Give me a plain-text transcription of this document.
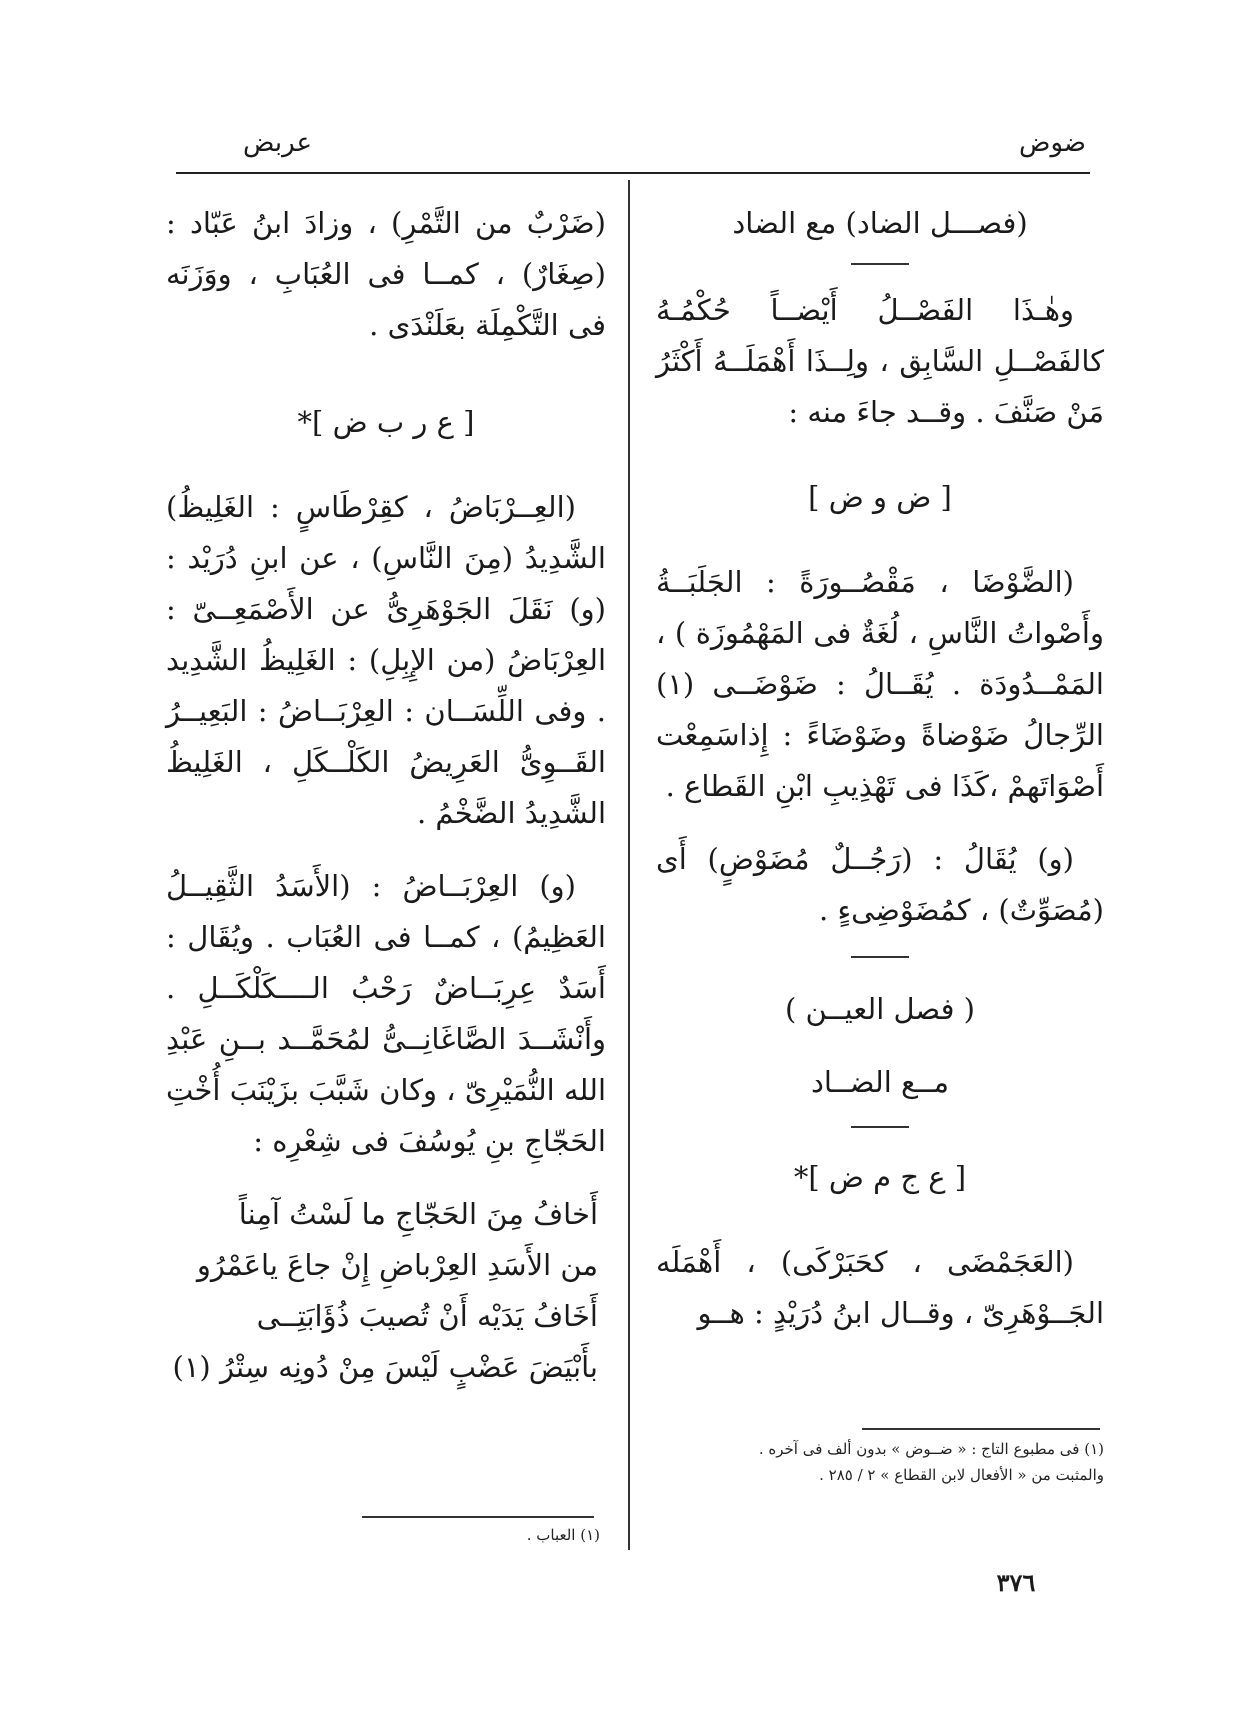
ضوض
عربض

(فصـــل الضاد) مع الضاد

وهٰـذَا الفَصْــلُ أَيْضــاً حُكْمُـهُ كالفَصْــلِ السَّابِق ، ولِــذَا أَهْمَلَــهُ أَكْثَرُ مَنْ صَنَّفَ . وقــد جاءَ منه :

[ ض و ض ]

(الضَّوْضَا ، مَقْصُــورَةً : الجَلَبَــةُ وأَصْواتُ النَّاسِ ، لُغَةٌ فى المَهْمُوزَة ) ، المَمْــدُودَة . يُقَــالُ : ضَوْضَــى (١) الرِّجالُ ضَوْضاةً وضَوْضَاءً : إِذاسَمِعْت أَصْوَاتَهمْ ،كَذَا فى تَهْذِيبِ ابْنِ القَطاع .

(و) يُقَالُ : (رَجُــلٌ مُضَوْضٍ) أَى (مُصَوِّتٌ) ، كمُضَوْضِىءٍ .

( فصل العيــن )

مــع الضــاد

[ ع ج م ض ]*

(العَجَمْضَى ، كحَبَرْكَى) ، أَهْمَلَه الجَــوْهَرِىّ ، وقــال ابنُ دُرَيْدٍ : هــو

(ضَرْبٌ من التَّمْرِ) ، وزادَ ابنُ عَبّاد : (صِغَارٌ) ، كمــا فى العُبَابِ ، ووَزَنَه فى التَّكْمِلَة بعَلَنْدَى .

[ ع ر ب ض ]*

(العِــرْبَاضُ ، كقِرْطَاسٍ : الغَلِيظُ) الشَّدِيدُ (مِنَ النَّاسِ) ، عن ابنِ دُرَيْد : (و) نَقَلَ الجَوْهَرِىُّ عن الأَصْمَعِــىّ : العِرْبَاضُ (من الإِبِلِ) : الغَلِيظُ الشَّدِيد . وفى اللِّسَــان : العِرْبَــاضُ : البَعِيــرُ القَــوِىُّ العَرِيضُ الكَلْــكَلِ ، الغَلِيظُ الشَّدِيدُ الضَّخْمُ .

(و) العِرْبَــاضُ : (الأَسَدُ الثَّقِيــلُ العَظِيمُ) ، كمــا فى العُبَاب . ويُقَال : أَسَدٌ عِرِبَــاضٌ رَحْبُ الــــكَلْكَــلِ . وأَنْشَــدَ الصَّاغَانِــىُّ لمُحَمَّــد بــنِ عَبْدِ الله النُّمَيْرِىّ ، وكان شَبَّبَ بزَيْنَبَ أُخْتِ الحَجّاجِ بنِ يُوسُفَ فى شِعْرِه :

أَخافُ مِنَ الحَجّاجِ ما لَسْتُ آمِناً

من الأَسَدِ العِرْباضِ إِنْ جاعَ ياعَمْرُو

أَخَافُ يَدَيْه أَنْ تُصيبَ ذُؤَابَتِــى

بأَبْيَضَ عَضْبٍ لَيْسَ مِنْ دُونِه سِتْرُ (١)

(١) العباب .
(١) فى مطبوع التاج : « ضــوض » بدون ألف فى آخره .
والمثبت من « الأفعال لابن القطاع » ٢ / ٢٨٥ .
٣٧٦
